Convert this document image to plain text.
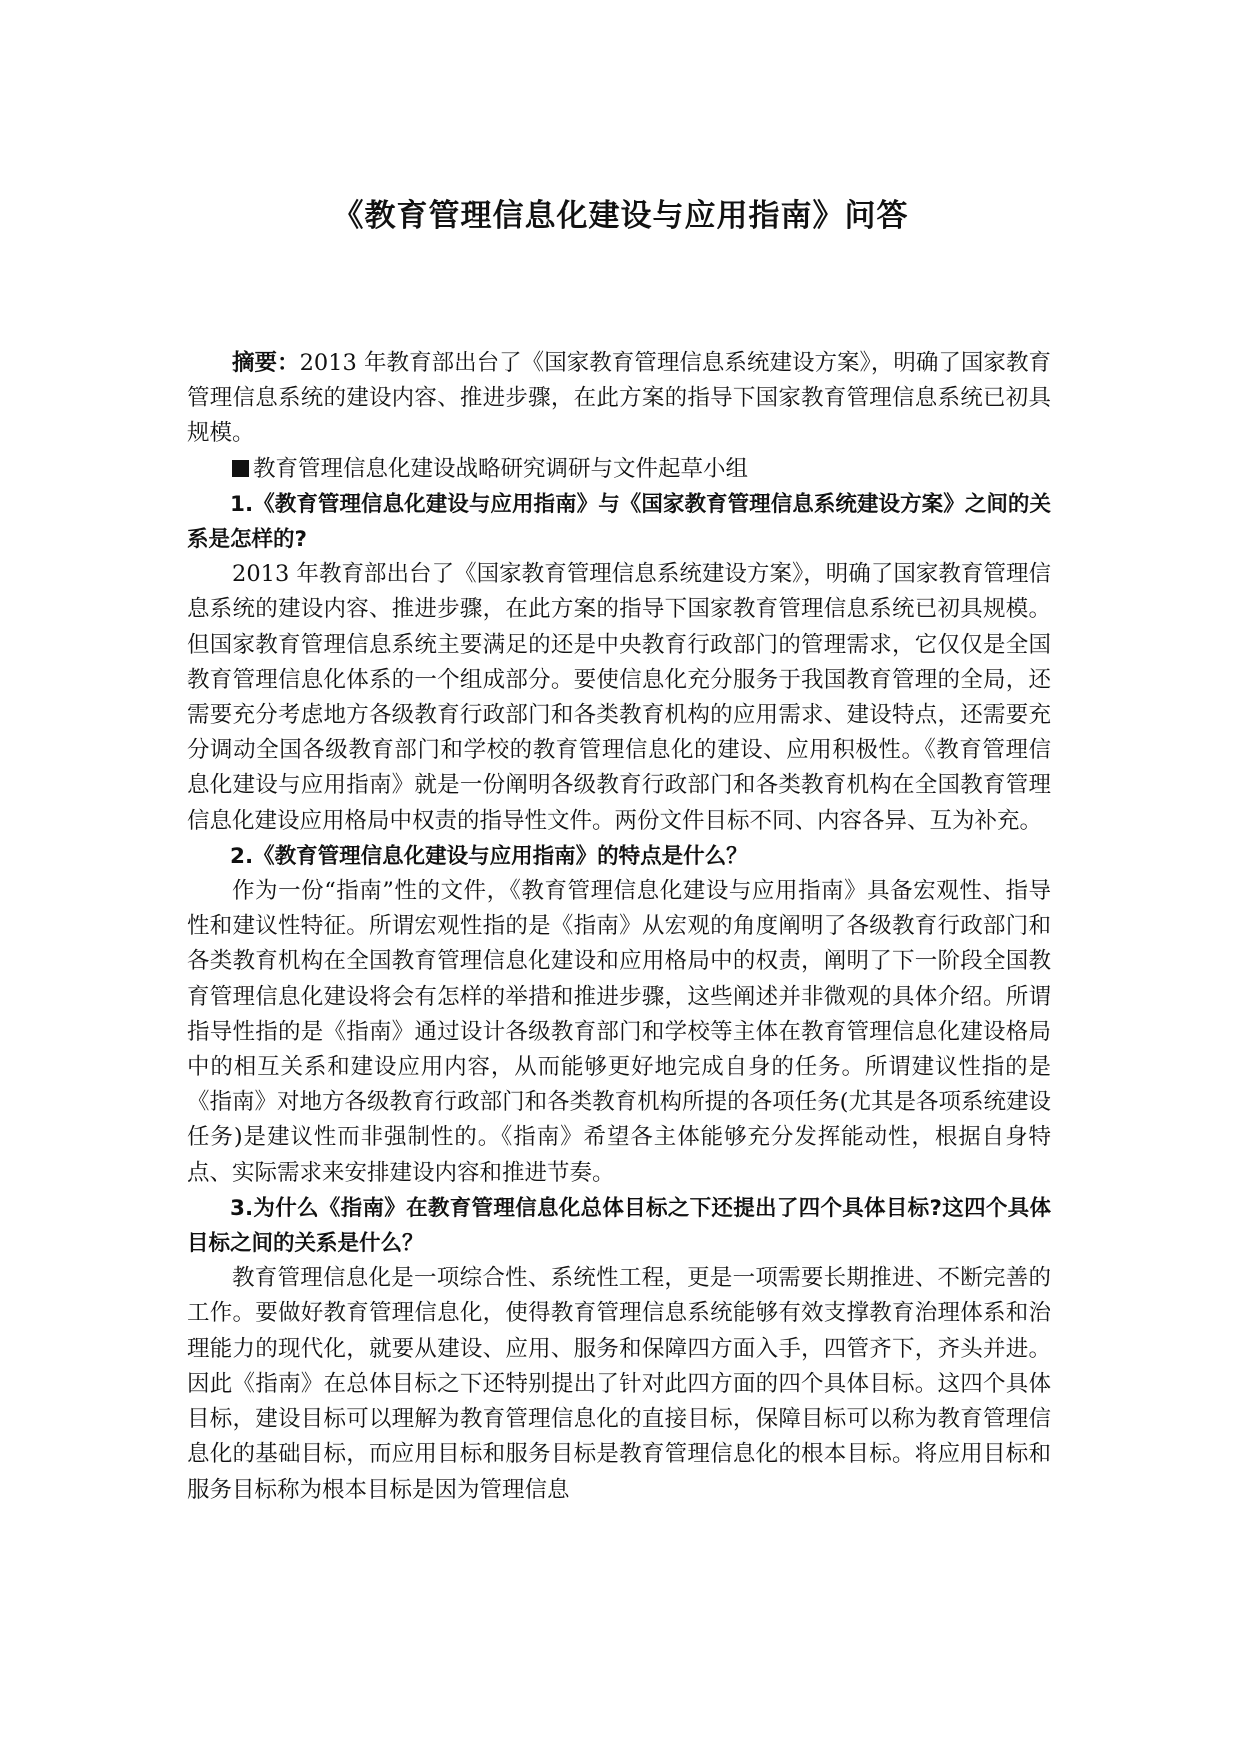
《教育管理信息化建设与应用指南》问答

摘要：2013 年教育部出台了《国家教育管理信息系统建设方案》，明确了国家教育管理信息系统的建设内容、推进步骤，在此方案的指导下国家教育管理信息系统已初具规模。

教育管理信息化建设战略研究调研与文件起草小组

1.《教育管理信息化建设与应用指南》与《国家教育管理信息系统建设方案》之间的关系是怎样的?

2013 年教育部出台了《国家教育管理信息系统建设方案》，明确了国家教育管理信息系统的建设内容、推进步骤，在此方案的指导下国家教育管理信息系统已初具规模。但国家教育管理信息系统主要满足的还是中央教育行政部门的管理需求，它仅仅是全国教育管理信息化体系的一个组成部分。要使信息化充分服务于我国教育管理的全局，还需要充分考虑地方各级教育行政部门和各类教育机构的应用需求、建设特点，还需要充分调动全国各级教育部门和学校的教育管理信息化的建设、应用积极性。《教育管理信息化建设与应用指南》就是一份阐明各级教育行政部门和各类教育机构在全国教育管理信息化建设应用格局中权责的指导性文件。两份文件目标不同、内容各异、互为补充。

2.《教育管理信息化建设与应用指南》的特点是什么？

作为一份“指南”性的文件，《教育管理信息化建设与应用指南》具备宏观性、指导性和建议性特征。所谓宏观性指的是《指南》从宏观的角度阐明了各级教育行政部门和各类教育机构在全国教育管理信息化建设和应用格局中的权责，阐明了下一阶段全国教育管理信息化建设将会有怎样的举措和推进步骤，这些阐述并非微观的具体介绍。所谓指导性指的是《指南》通过设计各级教育部门和学校等主体在教育管理信息化建设格局中的相互关系和建设应用内容，从而能够更好地完成自身的任务。所谓建议性指的是《指南》对地方各级教育行政部门和各类教育机构所提的各项任务(尤其是各项系统建设任务)是建议性而非强制性的。《指南》希望各主体能够充分发挥能动性，根据自身特点、实际需求来安排建设内容和推进节奏。

3.为什么《指南》在教育管理信息化总体目标之下还提出了四个具体目标?这四个具体目标之间的关系是什么？

教育管理信息化是一项综合性、系统性工程，更是一项需要长期推进、不断完善的工作。要做好教育管理信息化，使得教育管理信息系统能够有效支撑教育治理体系和治理能力的现代化，就要从建设、应用、服务和保障四方面入手，四管齐下，齐头并进。因此《指南》在总体目标之下还特别提出了针对此四方面的四个具体目标。这四个具体目标，建设目标可以理解为教育管理信息化的直接目标，保障目标可以称为教育管理信息化的基础目标，而应用目标和服务目标是教育管理信息化的根本目标。将应用目标和服务目标称为根本目标是因为管理信息
